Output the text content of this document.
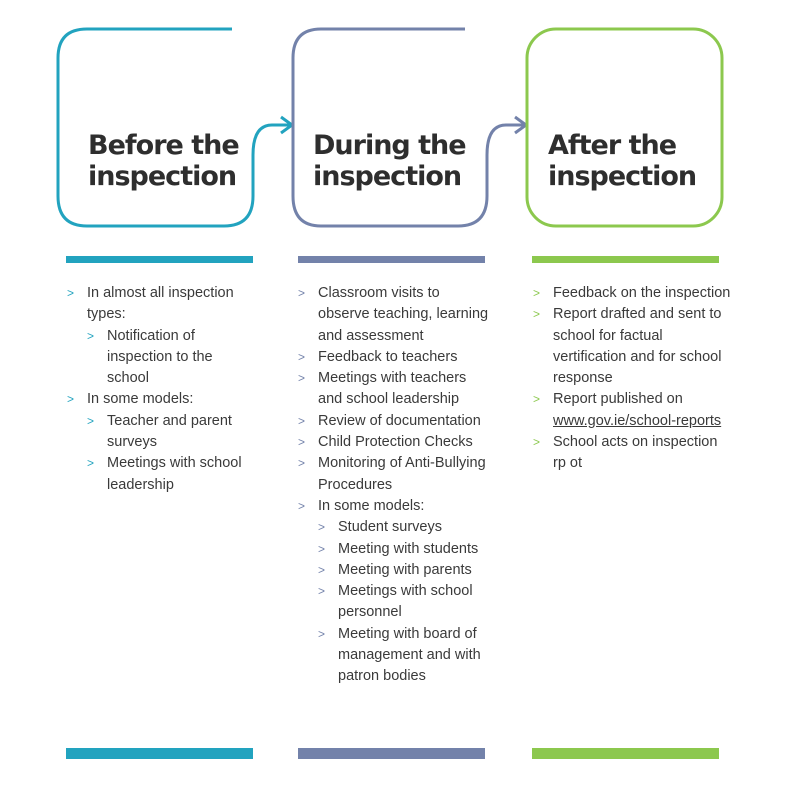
Before the
inspection
During the
inspection
After the
inspection
> In almost all inspection types:
> Notification of inspection to the school
> In some models:
> Teacher and parent surveys
> Meetings with school leadership
> Classroom visits to observe teaching, learning and assessment
> Feedback to teachers
> Meetings with teachers and school leadership
> Review of documentation
> Child Protection Checks
> Monitoring of Anti-Bullying Procedures
> In some models:
> Student surveys
> Meeting with students
> Meeting with parents
> Meetings with school personnel
> Meeting with board of management and with patron bodies
> Feedback on the inspection
> Report drafted and sent to school for factual vertification and for school response
> Report published on
www.gov.ie/school-reports
> School acts on inspection rp ot
